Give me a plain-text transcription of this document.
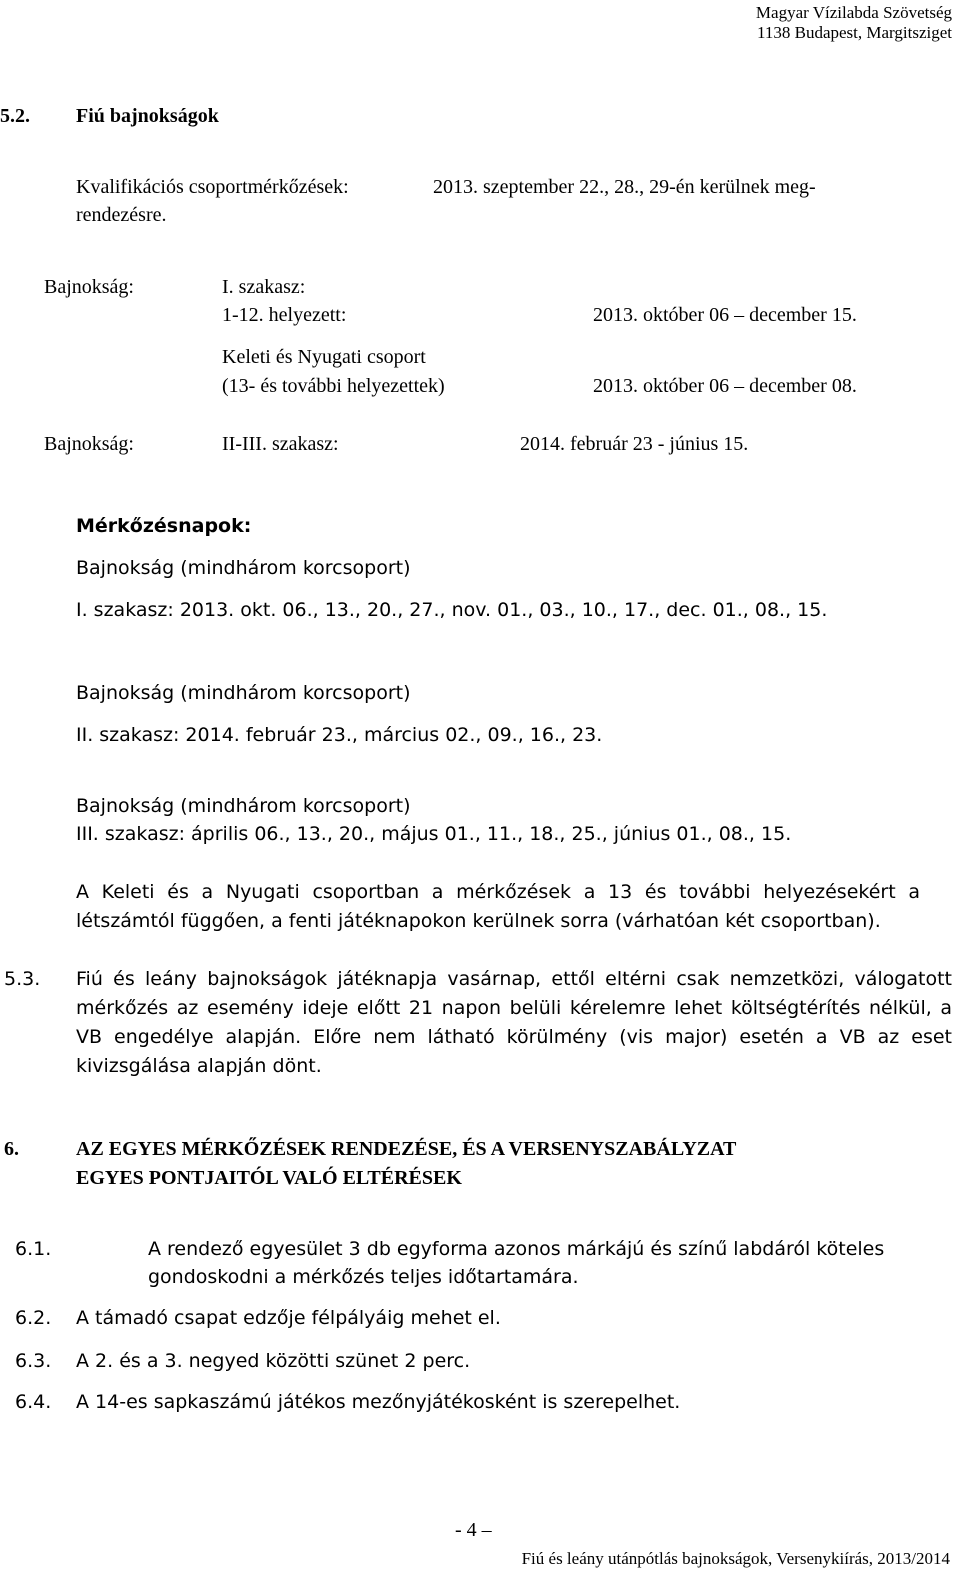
Magyar Vízilabda Szövetség
1138 Budapest, Margitsziget
5.2. Fiú bajnokságok
Kvalifikációs csoportmérkőzések:	2013. szeptember 22., 28., 29-én kerülnek meg-
rendezésre.
Bajnokság:	I. szakasz:
1-12. helyezett:	2013. október 06 – december 15.
Keleti és Nyugati csoport
(13- és további helyezettek)	2013. október 06 – december 08.
Bajnokság:	II-III. szakasz:	2014. február 23 - június 15.
Mérkőzésnapok:
Bajnokság (mindhárom korcsoport)
I. szakasz: 2013. okt. 06., 13., 20., 27., nov. 01., 03., 10., 17., dec. 01., 08., 15.
Bajnokság (mindhárom korcsoport)
II. szakasz: 2014. február 23., március 02., 09., 16., 23.
Bajnokság (mindhárom korcsoport)
III. szakasz: április 06., 13., 20., május 01., 11., 18., 25., június 01., 08., 15.
A Keleti és a Nyugati csoportban a mérkőzések a 13 és további helyezésekért a létszámtól függően, a fenti játéknapokon kerülnek sorra (várhatóan két csoportban).
5.3. Fiú és leány bajnokságok játéknapja vasárnap, ettől eltérni csak nemzetközi, válogatott mérkőzés az esemény ideje előtt 21 napon belüli kérelemre lehet költségtérítés nélkül, a VB engedélye alapján. Előre nem látható körülmény (vis major) esetén a VB az eset kivizsgálása alapján dönt.
6.	AZ EGYES MÉRKŐZÉSEK RENDEZÉSE, ÉS A VERSENYSZABÁLYZAT
EGYES PONTJAITÓL VALÓ ELTÉRÉSEK
6.1.	A rendező egyesület 3 db egyforma azonos márkájú és színű labdáról köteles
gondoskodni a mérkőzés teljes időtartamára.
6.2. A támadó csapat edzője félpályáig mehet el.
6.3. A 2. és a 3. negyed közötti szünet 2 perc.
6.4. A 14-es sapkaszámú játékos mezőnyjátékosként is szerepelhet.
- 4 –
Fiú és leány utánpótlás bajnokságok, Versenykiírás, 2013/2014
